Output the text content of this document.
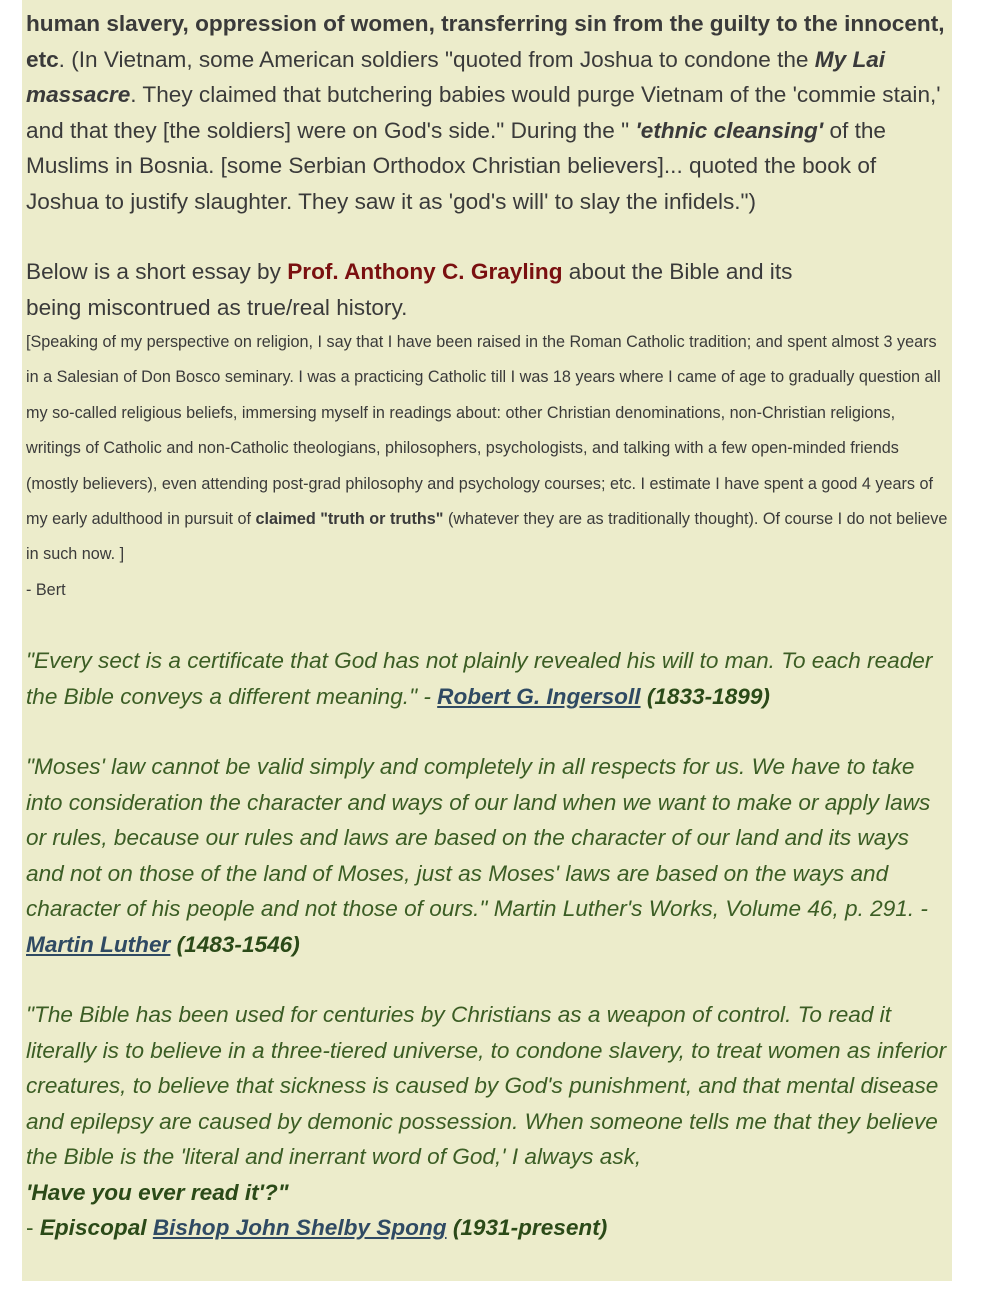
human slavery, oppression of women, transferring sin from the guilty to the innocent, etc. (In Vietnam, some American soldiers "quoted from Joshua to condone the My Lai massacre. They claimed that butchering babies would purge Vietnam of the 'commie stain,' and that they [the soldiers] were on God's side." During the " 'ethnic cleansing' of the Muslims in Bosnia. [some Serbian Orthodox Christian believers]... quoted the book of Joshua to justify slaughter. They saw it as 'god's will' to slay the infidels.")

Below is a short essay by Prof. Anthony C. Grayling about the Bible and its
being miscontrued as true/real history.

[Speaking of my perspective on religion, I say that I have been raised in the Roman Catholic tradition; and spent almost 3 years in a Salesian of Don Bosco seminary. I was a practicing Catholic till I was 18 years where I came of age to gradually question all my so-called religious beliefs, immersing myself in readings about: other Christian denominations, non-Christian religions, writings of Catholic and non-Catholic theologians, philosophers, psychologists, and talking with a few open-minded friends (mostly believers), even attending post-grad philosophy and psychology courses; etc. I estimate I have spent a good 4 years of my early adulthood in pursuit of claimed "truth or truths" (whatever they are as traditionally thought). Of course I do not believe in such now. ]
- Bert

"Every sect is a certificate that God has not plainly revealed his will to man. To each reader the Bible conveys a different meaning." - Robert G. Ingersoll (1833-1899)

"Moses' law cannot be valid simply and completely in all respects for us. We have to take into consideration the character and ways of our land when we want to make or apply laws or rules, because our rules and laws are based on the character of our land and its ways and not on those of the land of Moses, just as Moses' laws are based on the ways and character of his people and not those of ours." Martin Luther's Works, Volume 46, p. 291. - Martin Luther (1483-1546)

"The Bible has been used for centuries by Christians as a weapon of control. To read it literally is to believe in a three-tiered universe, to condone slavery, to treat women as inferior creatures, to believe that sickness is caused by God's punishment, and that mental disease and epilepsy are caused by demonic possession. When someone tells me that they believe the Bible is the 'literal and inerrant word of God,' I always ask,
'Have you ever read it'?"
- Episcopal Bishop John Shelby Spong (1931-present)
